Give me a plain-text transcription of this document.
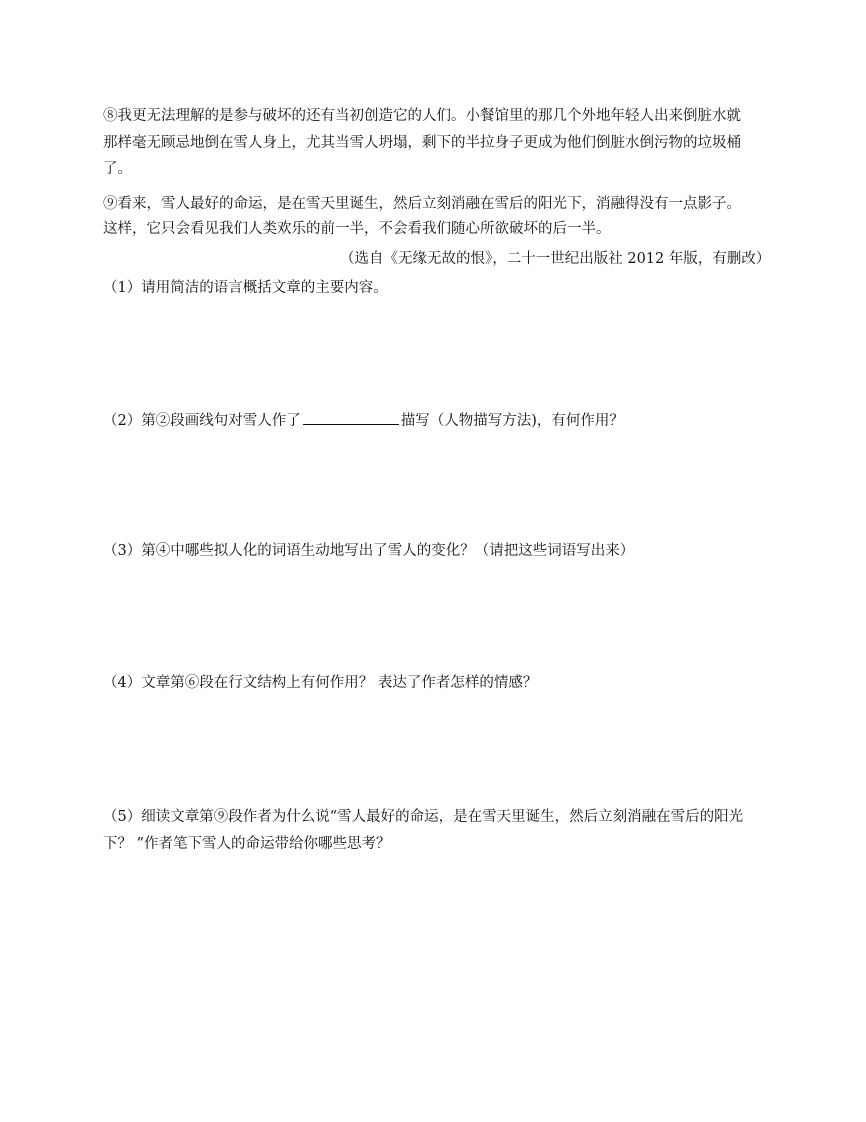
⑧我更无法理解的是参与破坏的还有当初创造它的人们。小餐馆里的那几个外地年轻人出来倒脏水就
那样毫无顾忌地倒在雪人身上，尤其当雪人坍塌，剩下的半拉身子更成为他们倒脏水倒污物的垃圾桶
了。
⑨看来，雪人最好的命运，是在雪天里诞生，然后立刻消融在雪后的阳光下，消融得没有一点影子。
这样，它只会看见我们人类欢乐的前一半，不会看我们随心所欲破坏的后一半。
（选自《无缘无故的恨》，二十一世纪出版社 2012 年版，有删改）
（1）请用简洁的语言概括文章的主要内容。
（2）第②段画线句对雪人作了	描写（人物描写方法)，有何作用？
（3）第④中哪些拟人化的词语生动地写出了雪人的变化？（请把这些词语写出来）
（4）文章第⑥段在行文结构上有何作用？ 表达了作者怎样的情感？
（5）细读文章第⑨段作者为什么说“雪人最好的命运，是在雪天里诞生，然后立刻消融在雪后的阳光
下？ ”作者笔下雪人的命运带给你哪些思考？
